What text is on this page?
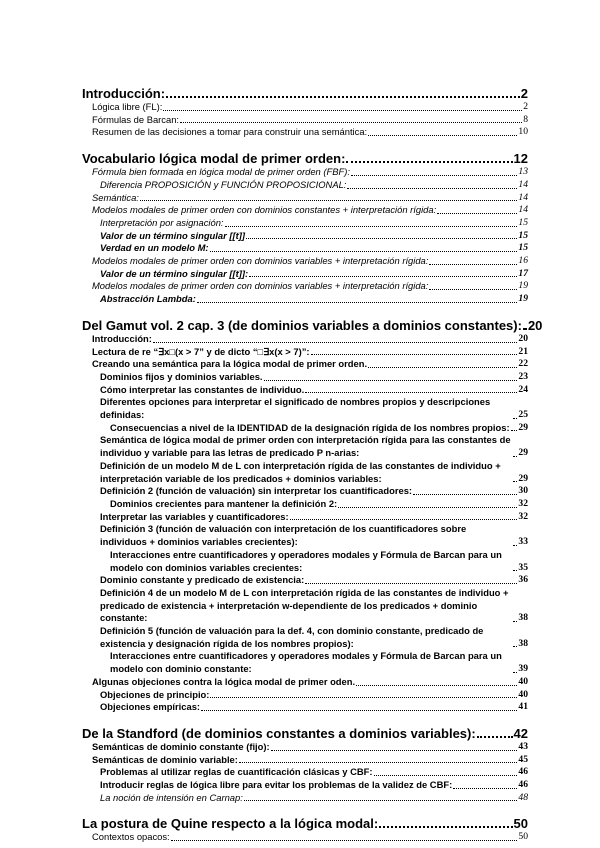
Introducción:	2
Lógica libre (FL):	2
Fórmulas de Barcan:	8
Resumen de las decisiones a tomar para construir una semántica:	10
Vocabulario lógica modal de primer orden:	12
Fórmula bien formada en lógica modal de primer orden (FBF):	13
Diferencia PROPOSICIÓN y FUNCIÓN PROPOSICIONAL:	14
Semántica:	14
Modelos modales de primer orden con dominios constantes + interpretación rígida:	14
Interpretación por asignación:	15
Valor de un término singular [[t]]	15
Verdad en un modelo M:	15
Modelos modales de primer orden con dominios variables + interpretación rígida:	16
Valor de un término singular [[t]]:	17
Modelos modales de primer orden con dominios variables + interpretación rígida:	19
Abstracción Lambda:	19
Del Gamut vol. 2 cap. 3 (de dominios variables a dominios constantes): 20
Introducción:	20
Lectura de re “∃x□(x > 7” y de dicto “□∃x(x > 7)”:	21
Creando una semántica para la lógica modal de primer orden.	22
Dominios fijos y dominios variables.	23
Cómo interpretar las constantes de individuo.	24
Diferentes opciones para interpretar el significado de nombres propios y descripciones definidas:	25
Consecuencias a nivel de la IDENTIDAD de la designación rígida de los nombres propios: 29
Semántica de lógica modal de primer orden con interpretación rígida para las constantes de individuo y variable para las letras de predicado P n-arias:	29
Definición de un modelo M de L con interpretación rígida de las constantes de individuo + interpretación variable de los predicados + dominios variables:	29
Definición 2 (función de valuación) sin interpretar los cuantificadores:	30
Dominios crecientes para mantener la definición 2:	32
Interpretar las variables y cuantificadores:	32
Definición 3 (función de valuación con interpretación de los cuantificadores sobre individuos + dominios variables crecientes):	33
Interacciones entre cuantificadores y operadores modales y Fórmula de Barcan para un modelo con dominios variables crecientes:	35
Dominio constante y predicado de existencia:	36
Definición 4 de un modelo M de L con interpretación rígida de las constantes de individuo + predicado de existencia + interpretación w-dependiente de los predicados + dominio constante:	38
Definición 5 (función de valuación para la def. 4, con dominio constante, predicado de existencia y designación rígida de los nombres propios):	38
Interacciones entre cuantificadores y operadores modales y Fórmula de Barcan para un modelo con dominio constante:	39
Algunas objeciones contra la lógica modal de primer oden.	40
Objeciones de principio:	40
Objeciones empíricas:	41
De la Standford (de dominios constantes a dominios variables):	42
Semánticas de dominio constante (fijo):	43
Semánticas de dominio variable:	45
Problemas al utilizar reglas de cuantificación clásicas y CBF:	46
Introducir reglas de lógica libre para evitar los problemas de la validez de CBF:	46
La noción de intensión en Carnap:	48
La postura de Quine respecto a la lógica modal:	50
Contextos opacos:	50
